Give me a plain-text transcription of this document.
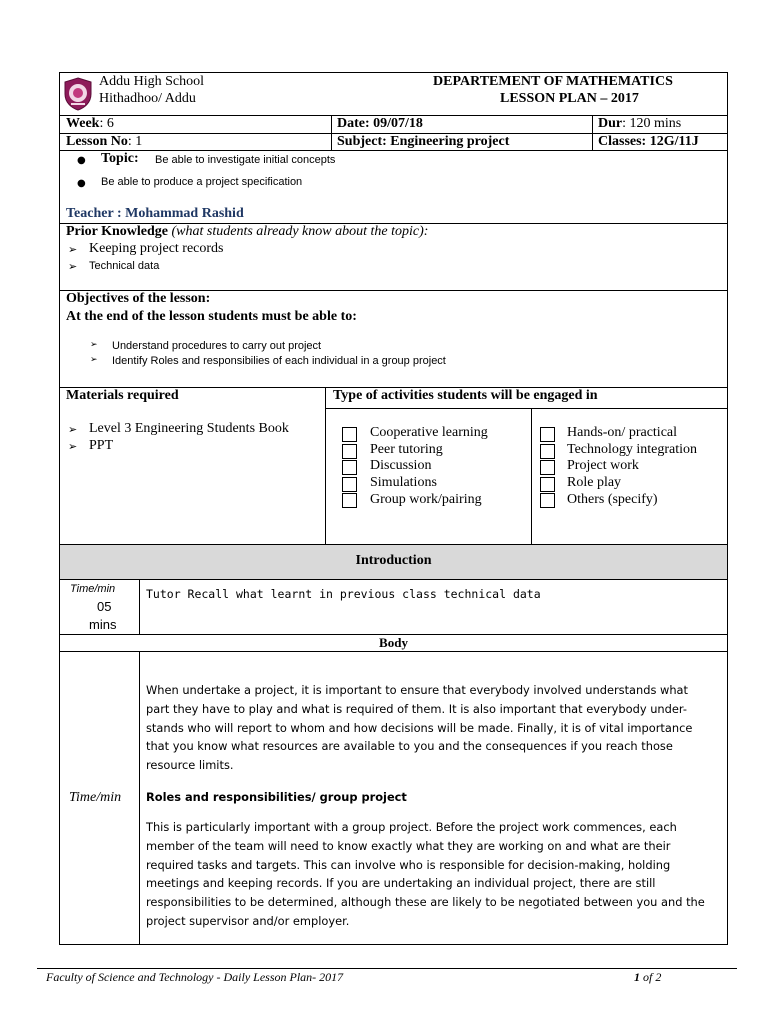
Introduction
Addu High School
Hithadhoo/ Addu
DEPARTEMENT OF MATHEMATICS
LESSON PLAN – 2017
Week: 6	Date: 09/07/18	Dur: 120 mins
Lesson No: 1	Subject: Engineering project	Classes: 12G/11J
● Topic: Be able to investigate initial concepts
● Be able to produce a project specification
Teacher : Mohammad Rashid
Prior Knowledge (what students already know about the topic):
➢ Keeping project records
➢ Technical data
Objectives of the lesson:
At the end of the lesson students must be able to:
➢ Understand procedures to carry out project
➢ Identify Roles and responsibilies of each individual in a group project
Materials required
➢ Level 3 Engineering Students Book
➢ PPT
Type of activities students will be engaged in
Cooperative learning
Peer tutoring
Discussion
Simulations
Group work/pairing
Hands-on/ practical
Technology integration
Project work
Role play
Others (specify)
Time/min
05
mins
Tutor Recall what learnt in previous class technical data
Body
Time/min
When undertake a project, it is important to ensure that everybody involved understands what
part they have to play and what is required of them. It is also important that everybody under-
stands who will report to whom and how decisions will be made. Finally, it is of vital importance
that you know what resources are available to you and the consequences if you reach those
resource limits.
Roles and responsibilities/ group project
This is particularly important with a group project. Before the project work commences, each
member of the team will need to know exactly what they are working on and what are their
required tasks and targets. This can involve who is responsible for decision-making, holding
meetings and keeping records. If you are undertaking an individual project, there are still
responsibilities to be determined, although these are likely to be negotiated between you and the
project supervisor and/or employer.
Faculty of Science and Technology - Daily Lesson Plan- 2017	1 of 2
